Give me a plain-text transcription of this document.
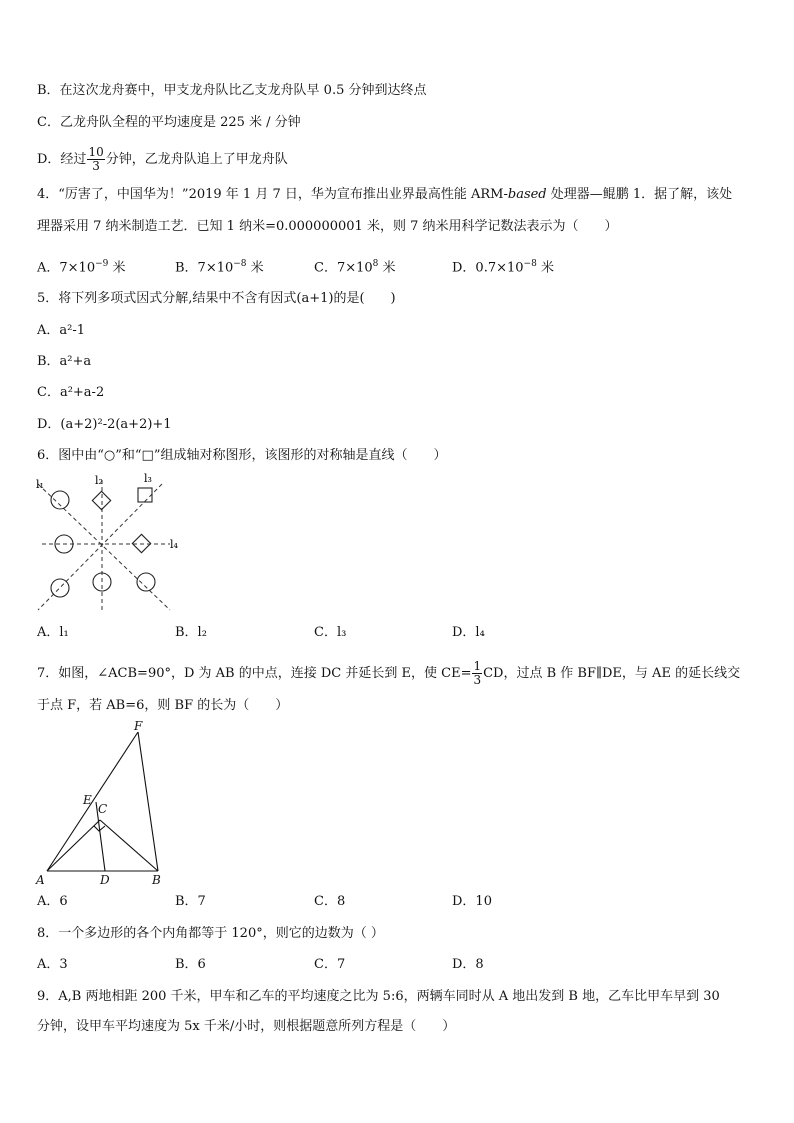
B．在这次龙舟赛中，甲支龙舟队比乙支龙舟队早 0.5 分钟到达终点
C．乙龙舟队全程的平均速度是 225 米 / 分钟
D．经过 $\frac{10}{3}$ 分钟，乙龙舟队追上了甲龙舟队
4．“厉害了，中国华为！”2019 年 1 月 7 日，华为宣布推出业界最高性能 ARM-based 处理器—鲲鹏 1．据了解，该处
理器采用 7 纳米制造工艺．已知 1 纳米=0.000000001 米，则 7 纳米用科学记数法表示为（　　）
A．$7\times 10^{-9}$ 米	B．$7\times 10^{-8}$ 米	C．$7\times 10^8$ 米	D．$0.7\times 10^{-8}$ 米
5．将下列多项式因式分解,结果中不含有因式(a+1)的是(　　)
A．a²-1
B．a²+a
C．a²+a-2
D．(a+2)²-2(a+2)+1
6．图中由“○”和“□”组成轴对称图形，该图形的对称轴是直线（　　）
l₁	l₂	l₃
l₄
A．l₁	B．l₂	C．l₃	D．l₄
7．如图，∠ACB=90°，D 为 AB 的中点，连接 DC 并延长到 E，使 $CE= \frac{1}{3}$ CD，过点 B 作 BF∥DE，与 AE 的延长线交
于点 F，若 AB=6，则 BF 的长为（　　）
F
E
C
A	D	B
A．6	B．7	C．8	D．10
8．一个多边形的各个内角都等于 120°，则它的边数为（ ）
A．3	B．6	C．7	D．8
9．A,B 两地相距 200 千米，甲车和乙车的平均速度之比为 5:6，两辆车同时从 A 地出发到 B 地，乙车比甲车早到 30
分钟，设甲车平均速度为 5x 千米/小时，则根据题意所列方程是（　　）
